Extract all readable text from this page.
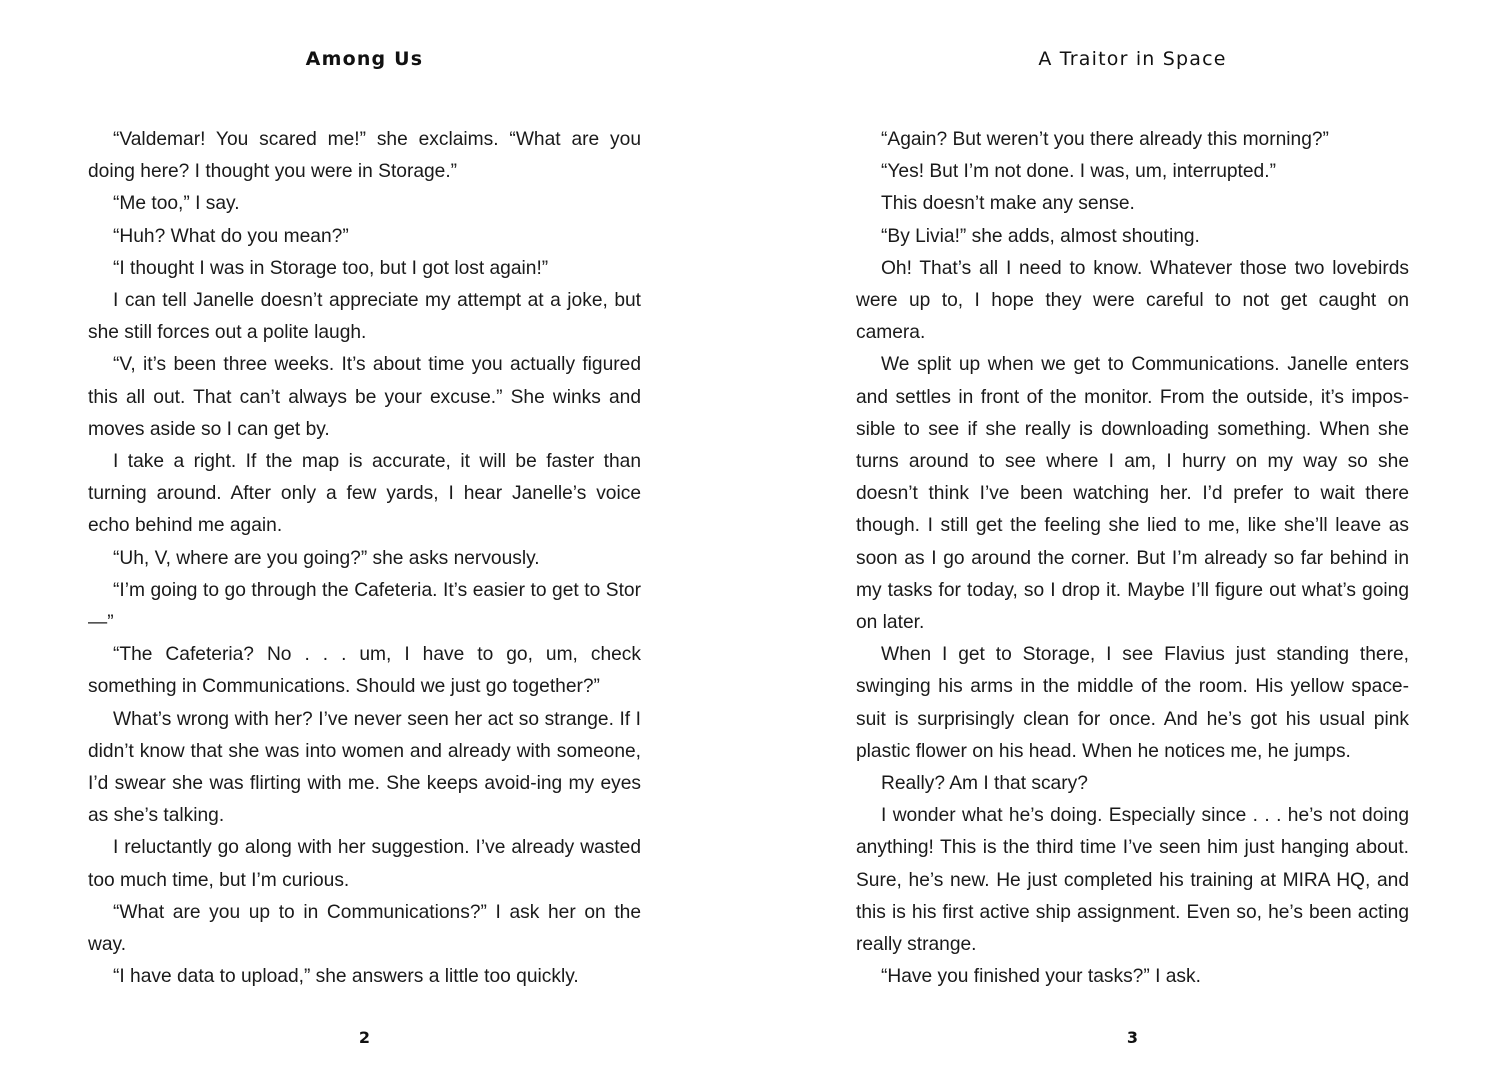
Among Us

“Valdemar! You scared me!” she exclaims. “What are you doing here? I thought you were in Storage.”

“Me too,” I say.

“Huh? What do you mean?”

“I thought I was in Storage too, but I got lost again!”

I can tell Janelle doesn’t appreciate my attempt at a joke, but she still forces out a polite laugh.

“V, it’s been three weeks. It’s about time you actually figured this all out. That can’t always be your excuse.” She winks and moves aside so I can get by.

I take a right. If the map is accurate, it will be faster than turning around. After only a few yards, I hear Janelle’s voice echo behind me again.

“Uh, V, where are you going?” she asks nervously.

“I’m going to go through the Cafeteria. It’s easier to get to Stor—”

“The Cafeteria? No . . . um, I have to go, um, check something in Communications. Should we just go together?”

What’s wrong with her? I’ve never seen her act so strange. If I didn’t know that she was into women and already with someone, I’d swear she was flirting with me. She keeps avoid-ing my eyes as she’s talking.

I reluctantly go along with her suggestion. I’ve already wasted too much time, but I’m curious.

“What are you up to in Communications?” I ask her on the way.

“I have data to upload,” she answers a little too quickly.

2
A Traitor in Space

“Again? But weren’t you there already this morning?”

“Yes! But I’m not done. I was, um, interrupted.”

This doesn’t make any sense.

“By Livia!” she adds, almost shouting.

Oh! That’s all I need to know. Whatever those two lovebirds were up to, I hope they were careful to not get caught on camera.

We split up when we get to Communications. Janelle enters and settles in front of the monitor. From the outside, it’s impos-sible to see if she really is downloading something. When she turns around to see where I am, I hurry on my way so she doesn’t think I’ve been watching her. I’d prefer to wait there though. I still get the feeling she lied to me, like she’ll leave as soon as I go around the corner. But I’m already so far behind in my tasks for today, so I drop it. Maybe I’ll figure out what’s going on later.

When I get to Storage, I see Flavius just standing there, swinging his arms in the middle of the room. His yellow space-suit is surprisingly clean for once. And he’s got his usual pink plastic flower on his head. When he notices me, he jumps.

Really? Am I that scary?

I wonder what he’s doing. Especially since . . . he’s not doing anything! This is the third time I’ve seen him just hanging about. Sure, he’s new. He just completed his training at MIRA HQ, and this is his first active ship assignment. Even so, he’s been acting really strange.

“Have you finished your tasks?” I ask.

3
